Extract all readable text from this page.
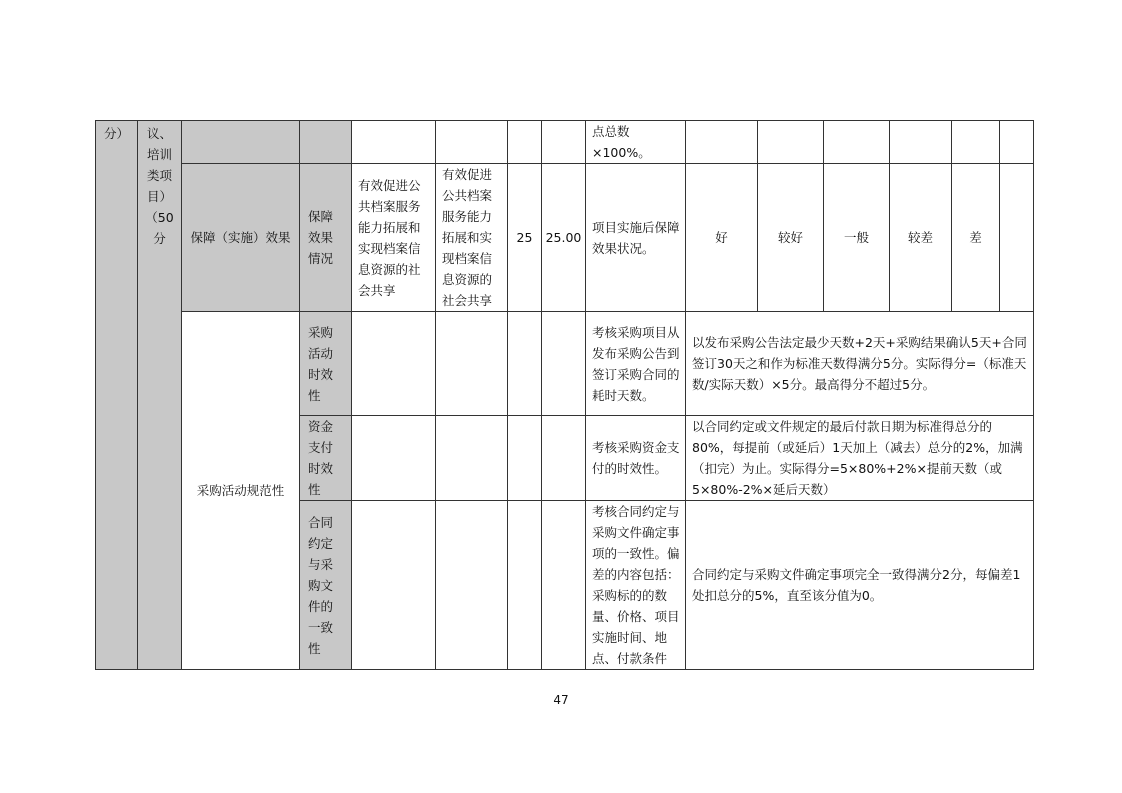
分）	议、培训类项目）（50分							点总数×100%。						
		保障（实施）效果	保障效果情况	有效促进公共档案服务能力拓展和实现档案信息资源的社会共享	有效促进公共档案服务能力拓展和实现档案信息资源的社会共享	25	25.00	项目实施后保障效果状况。	好	较好	一般	较差	差	
		采购活动规范性	采购活动时效性					考核采购项目从发布采购公告到签订采购合同的耗时天数。	以发布采购公告法定最少天数+2天+采购结果确认5天+合同签订30天之和作为标准天数得满分5分。实际得分=（标准天数/实际天数）×5分。最高得分不超过5分。					
			资金支付时效性					考核采购资金支付的时效性。	以合同约定或文件规定的最后付款日期为标准得总分的80%，每提前（或延后）1天加上（减去）总分的2%，加满（扣完）为止。实际得分=5×80%+2%×提前天数（或5×80%-2%×延后天数）					
			合同约定与采购文件的一致性					考核合同约定与采购文件确定事项的一致性。偏差的内容包括：采购标的的数量、价格、项目实施时间、地点、付款条件	合同约定与采购文件确定事项完全一致得满分2分，每偏差1处扣总分的5%，直至该分值为0。					
47
